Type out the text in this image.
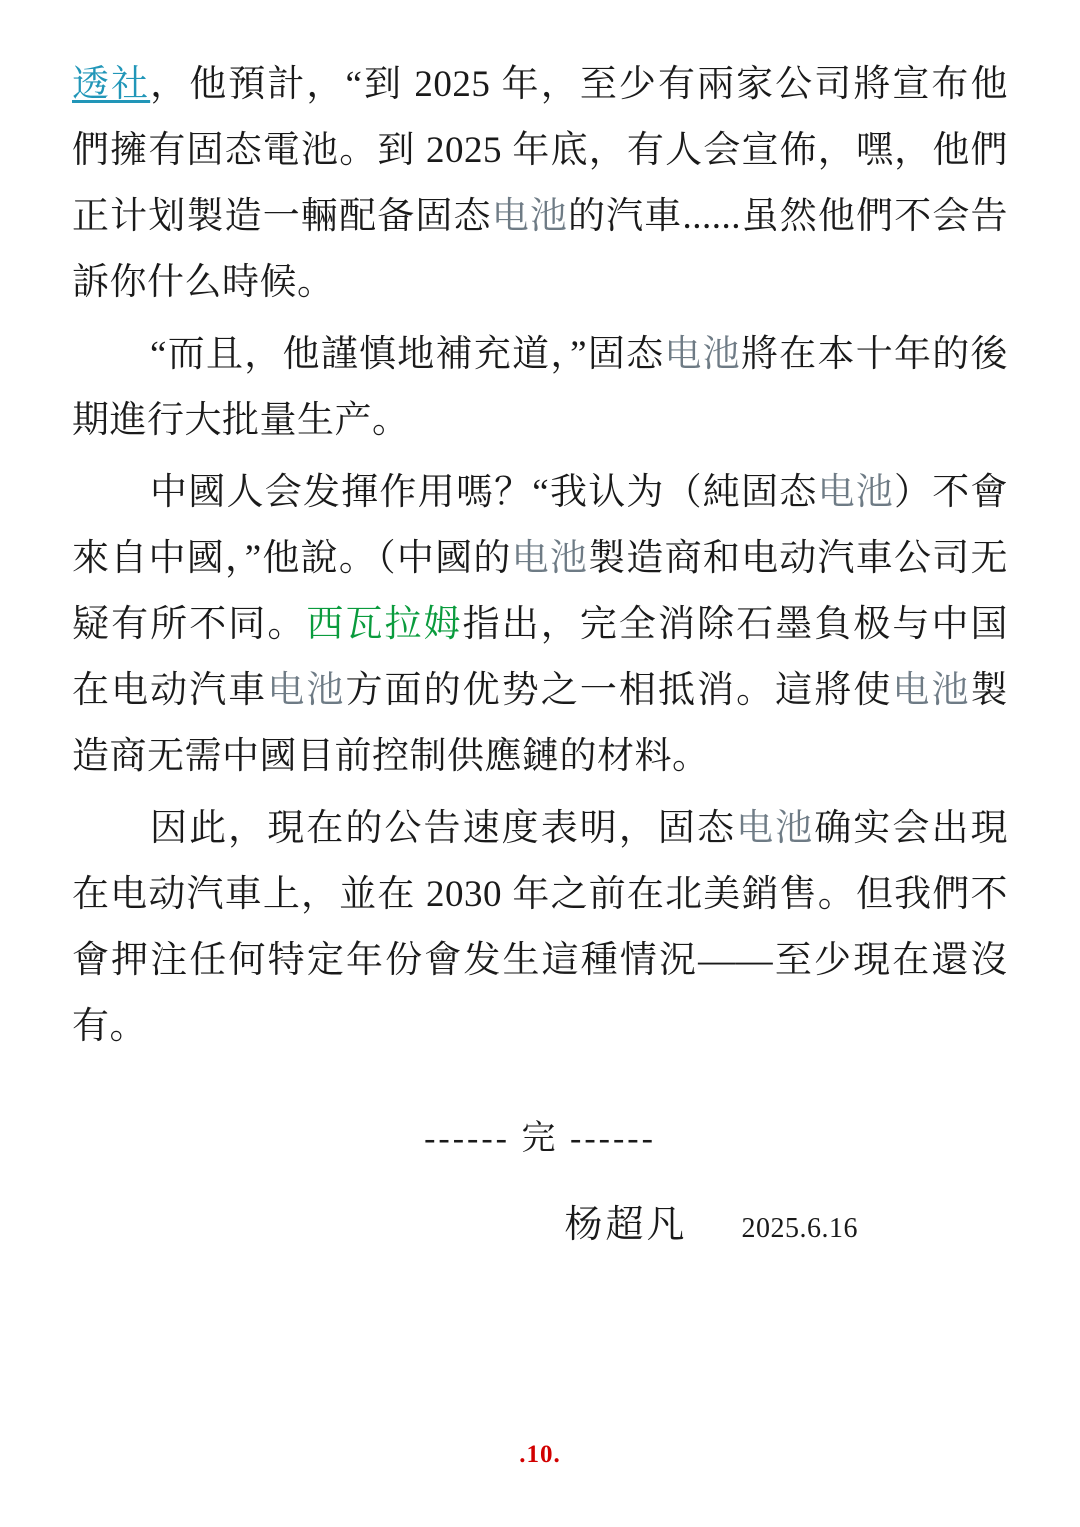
透社，他預計，“到 2025 年，至少有兩家公司將宣布他們擁有固态電池。到 2025 年底，有人会宣佈，嘿，他們正计划製造一輛配备固态电池的汽車......虽然他們不会告訴你什么時候。

“而且，他謹慎地補充道，”固态电池將在本十年的後期進行大批量生产。

中國人会发揮作用嗎？“我认为（純固态电池）不會來自中國，”他說。（中國的电池製造商和电动汽車公司无疑有所不同。西瓦拉姆指出，完全消除石墨負极与中国在电动汽車电池方面的优势之一相抵消。這將使电池製造商无需中國目前控制供應鏈的材料。

因此，現在的公告速度表明，固态电池确实会出現在电动汽車上，並在 2030 年之前在北美銷售。但我們不會押注任何特定年份會发生這種情況——至少現在還沒有。

------ 完 ------
杨超凡 2025.6.16
.10.
